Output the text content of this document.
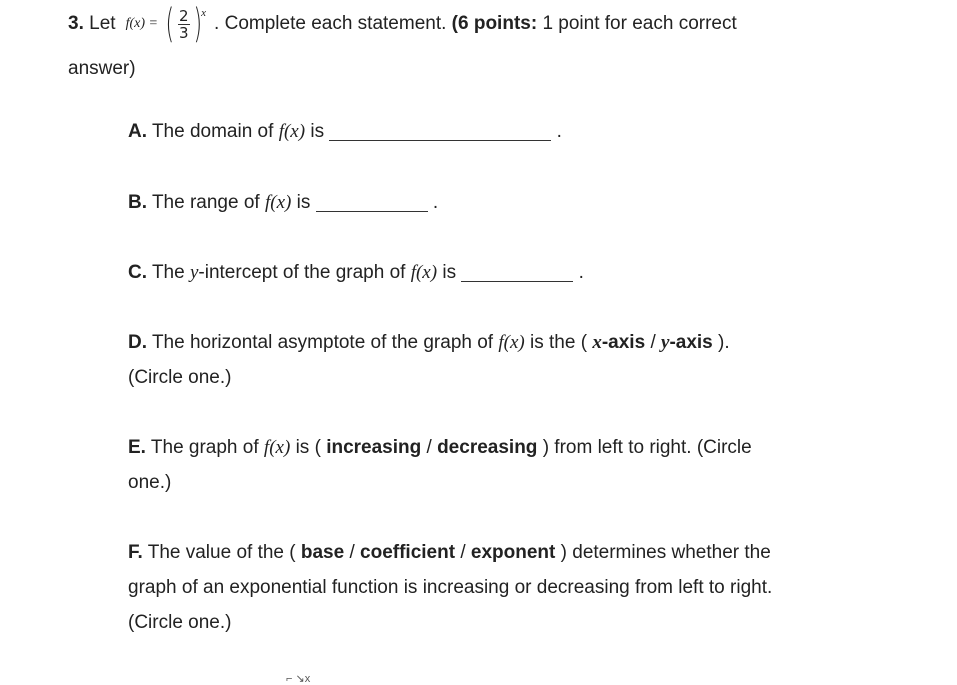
3.
Let f(x) =
( $\frac{2}{3}$ ) x . Complete each statement.
(6 points:
1 point for each correct
answer)
A. The domain of f(x) is	.
B. The range of f(x) is	.
C. The y-intercept of the graph of f(x) is	.
D. The horizontal asymptote of the graph of f(x) is the ( x-axis / y-axis ).
(Circle one.)
E. The graph of f(x) is ( increasing / decreasing ) from left to right. (Circle
one.)
F. The value of the ( base / coefficient / exponent ) determines whether the
graph of an exponential function is increasing or decreasing from left to right.
(Circle one.)
⌐ ↘x
